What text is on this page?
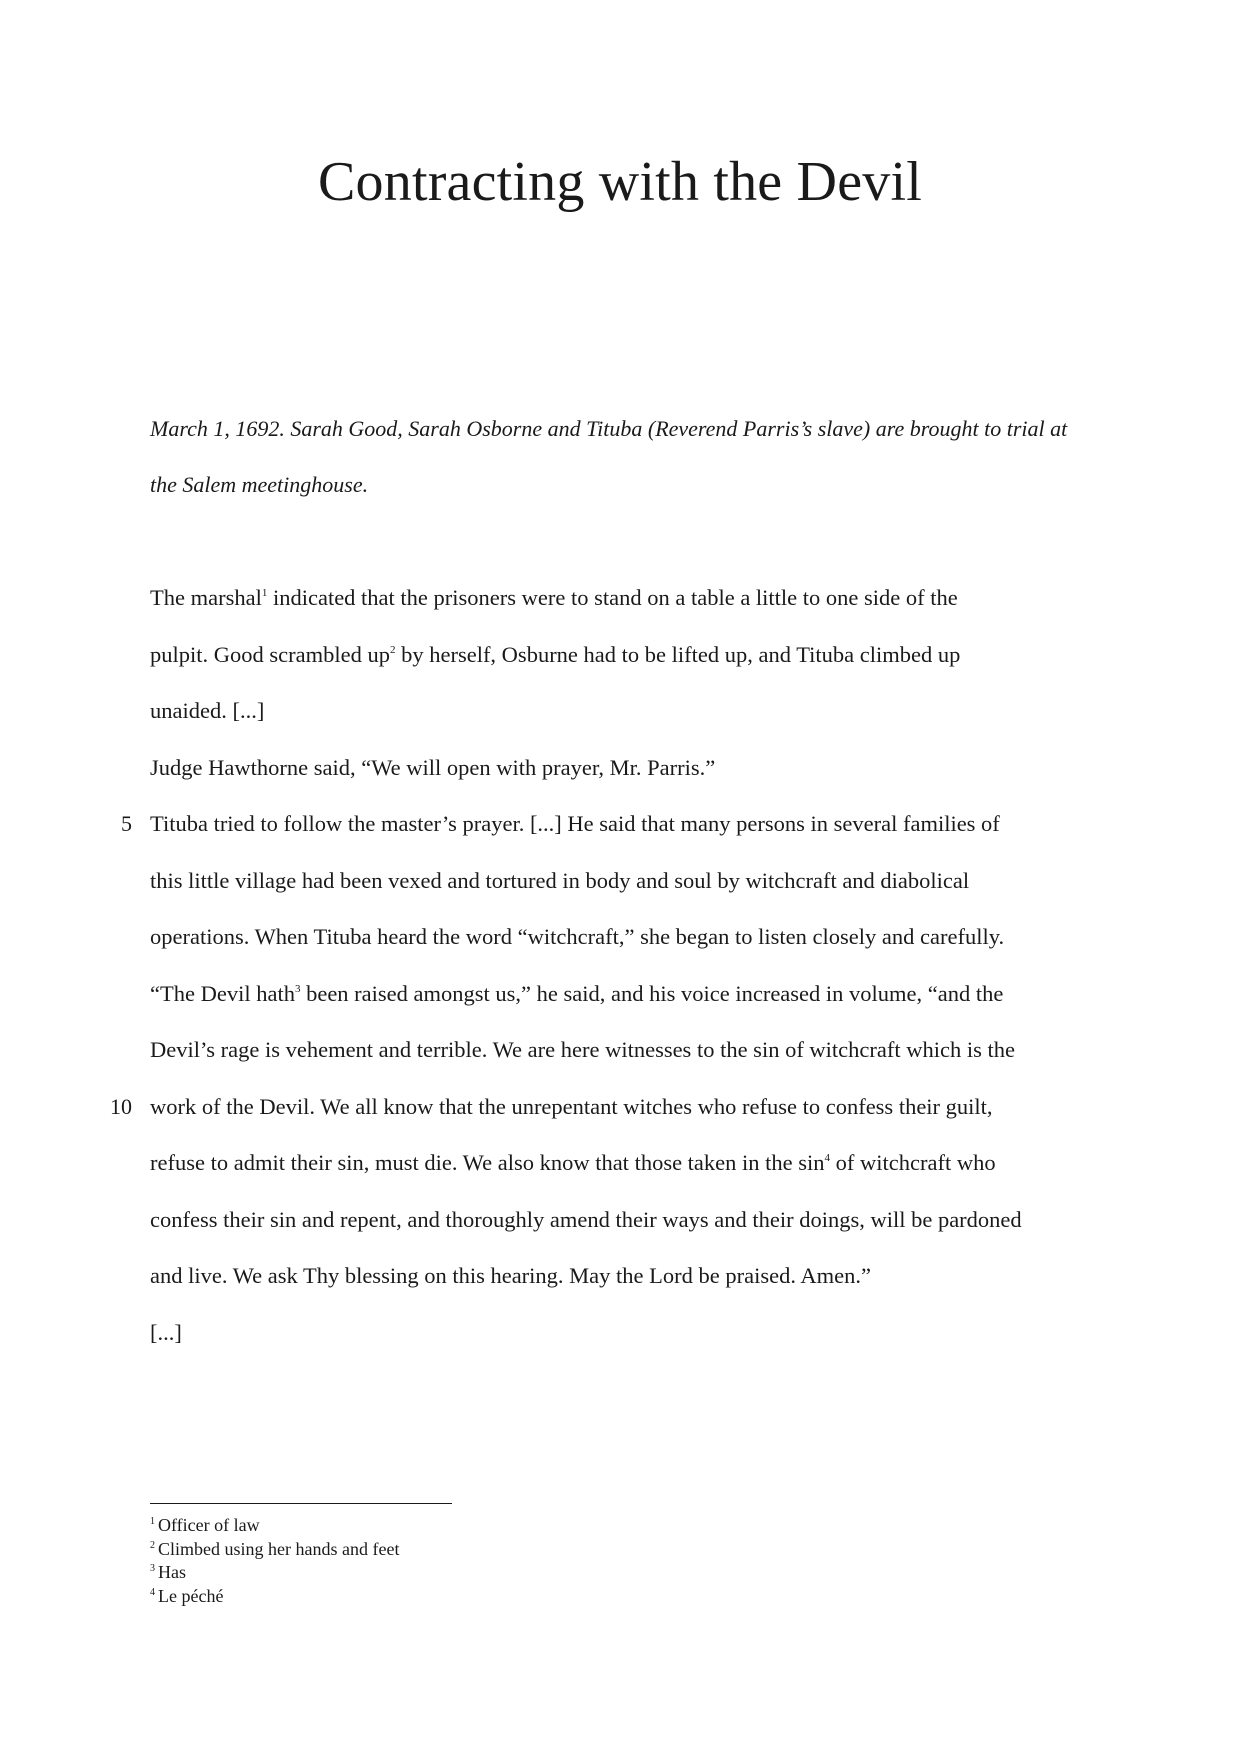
Contracting with the Devil

March 1, 1692. Sarah Good, Sarah Osborne and Tituba (Reverend Parris’s slave) are brought to trial at the Salem meetinghouse.

The marshal$^1$ indicated that the prisoners were to stand on a table a little to one side of the
pulpit. Good scrambled $up^2$ by herself, Osburne had to be lifted up, and Tituba climbed up
unaided. [...]
Judge Hawthorne said, “We will open with prayer, Mr. Parris.”
5 Tituba tried to follow the master’s prayer. [...] He said that many persons in several families of
this little village had been vexed and tortured in body and soul by witchcraft and diabolical
operations. When Tituba heard the word “witchcraft,” she began to listen closely and carefully.
“The Devil hath$^3$ been raised amongst us,” he said, and his voice increased in volume, “and the
Devil’s rage is vehement and terrible. We are here witnesses to the sin of witchcraft which is the
10 work of the Devil. We all know that the unrepentant witches who refuse to confess their guilt,
refuse to admit their sin, must die. We also know that those taken in the $\sin^4$ of witchcraft who
confess their sin and repent, and thoroughly amend their ways and their doings, will be pardoned
and live. We ask Thy blessing on this hearing. May the Lord be praised. Amen.”
[...]
$^1$ Officer of law
$^2$ Climbed using her hands and feet
$^3$ Has
$^4$ Le péché
